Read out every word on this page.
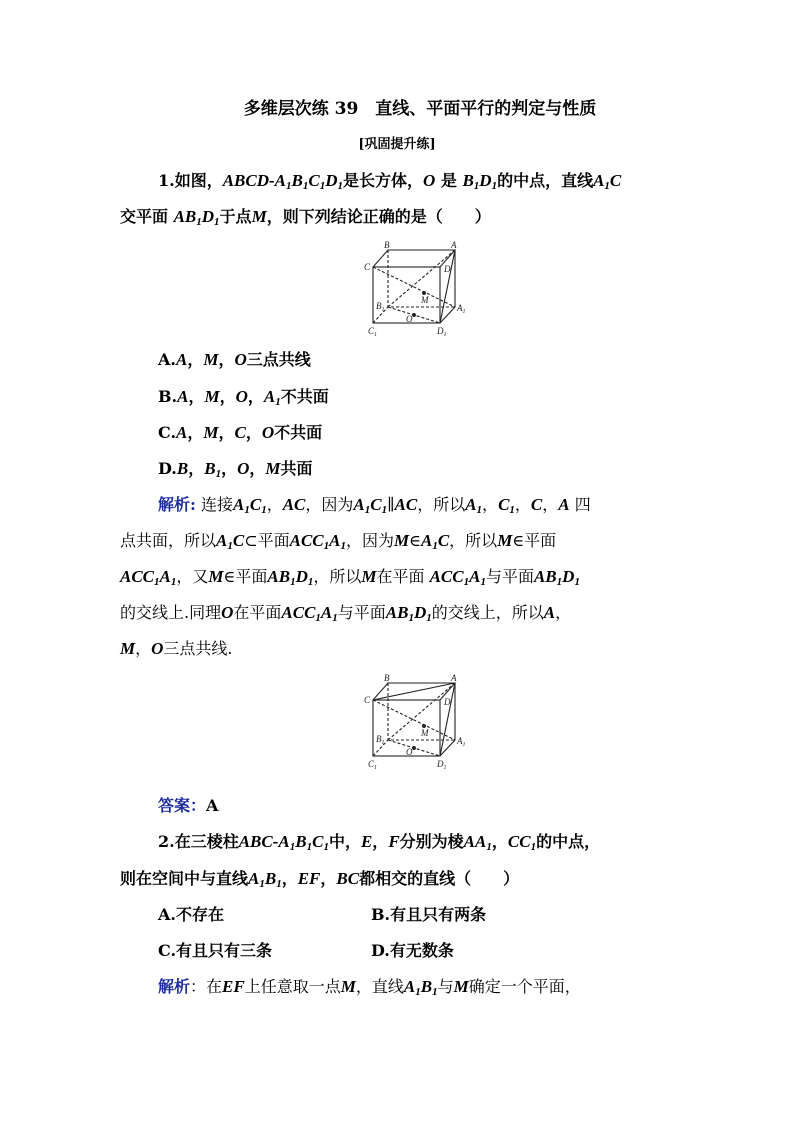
多维层次练 39　直线、平面平行的判定与性质
[巩固提升练]
1.如图，ABCD-$A_1B_1C_1D_1$是长方体，O 是 $B_1D_1$的中点，直线$A_1C$
交平面 $AB_1D_1$于点M，则下列结论正确的是（　　）
B	A
C	D
M
$B_1$	$A_1$
O
$C_1$	$D_1$
B	A
C	D
M
$B_1$	$A_1$
O
$C_1$	$D_1$
A.A，M，O三点共线
B.A，M，O，$A_1$不共面
C.A，M，C，O不共面
D.B，$B_1$，O，M共面
解析: 连接$A_1C_1$，AC，因为$A_1C_1\parallel AC$，所以$A_1$，$C_1$，C，A 四
点共面，所以$A_1C\subset$平面$ACC_1A_1$，因为$M\in A_1C$，所以M∈平面
$ACC_1A_1$，又M∈平面$AB_1D_1$，所以M在平面 $ACC_1A_1$与平面$AB_1D_1$
的交线上.同理O在平面$ACC_1A_1$与平面$AB_1D_1$的交线上，所以A，
M，O三点共线.
答案：A
2.在三棱柱ABC-$A_1B_1C_1$中，E，F分别为棱$AA_1$，$CC_1$的中点，
则在空间中与直线$A_1B_1$，EF，BC都相交的直线（　　）
A.不存在	B.有且只有两条
C.有且只有三条	D.有无数条
解析：在EF上任意取一点M，直线$A_1B_1$与M确定一个平面，
